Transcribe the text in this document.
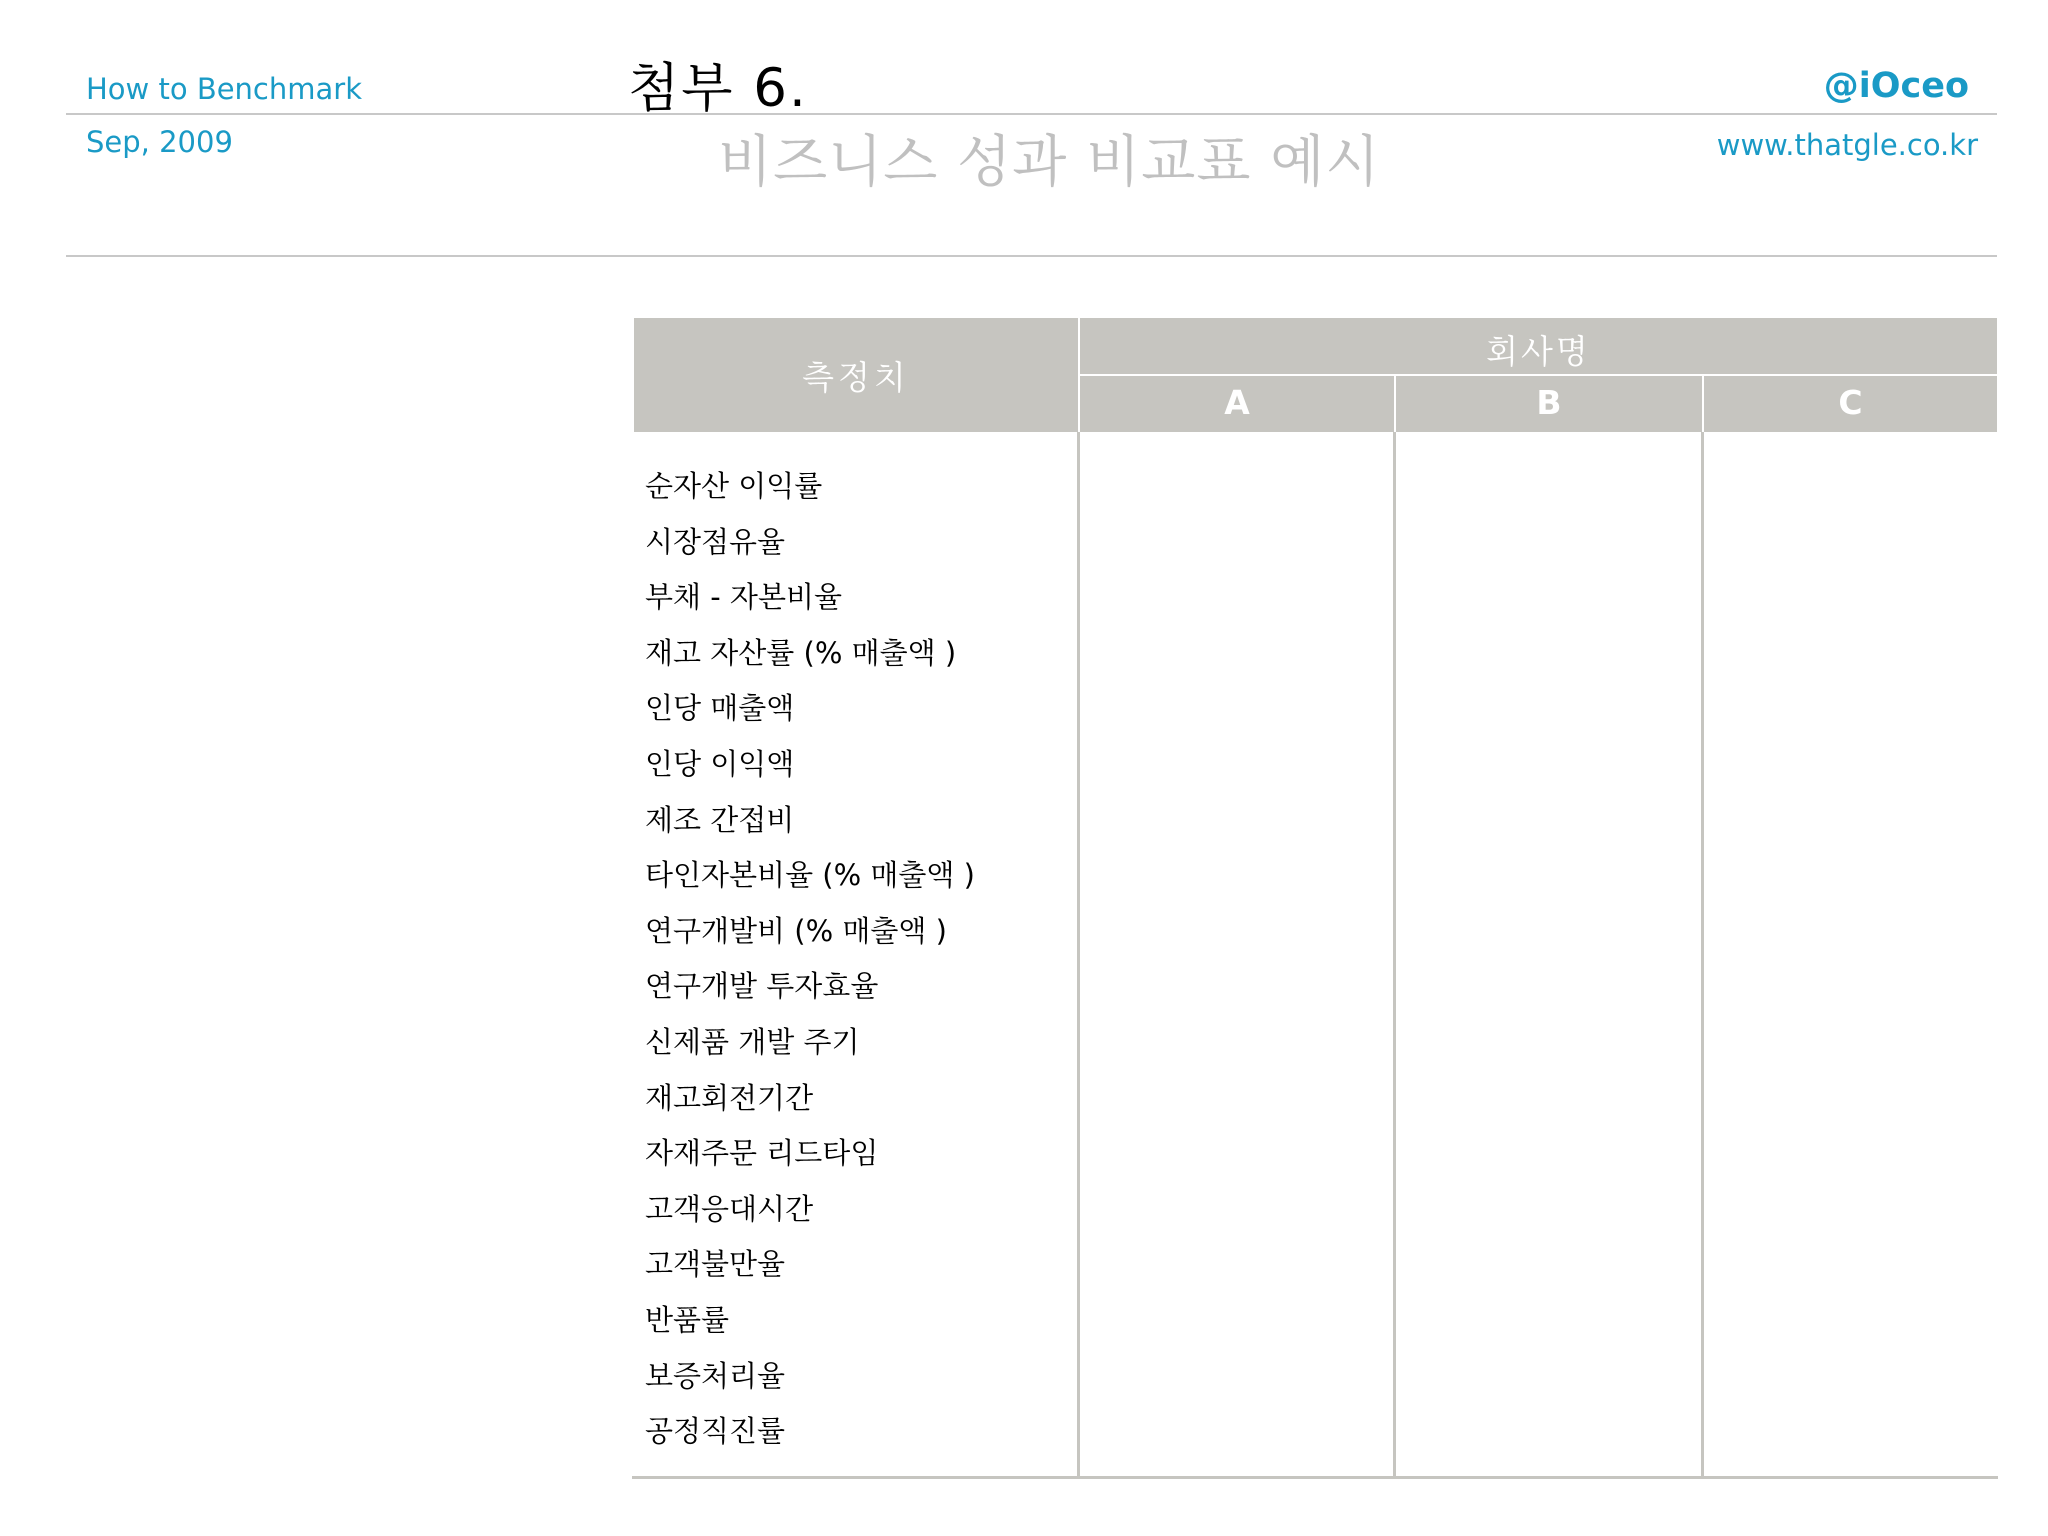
How to Benchmark
Sep, 2009
@iOceo
www.thatgle.co.kr
첨부 6.
비즈니스 성과 비교표 예시
측정치
회사명
A	B	C
순자산 이익률
시장점유율
부채 - 자본비율
재고 자산률 (% 매출액 )
인당 매출액
인당 이익액
제조 간접비
타인자본비율 (% 매출액 )
연구개발비 (% 매출액 )
연구개발 투자효율
신제품 개발 주기
재고회전기간
자재주문 리드타임
고객응대시간
고객불만율
반품률
보증처리율
공정직진률
